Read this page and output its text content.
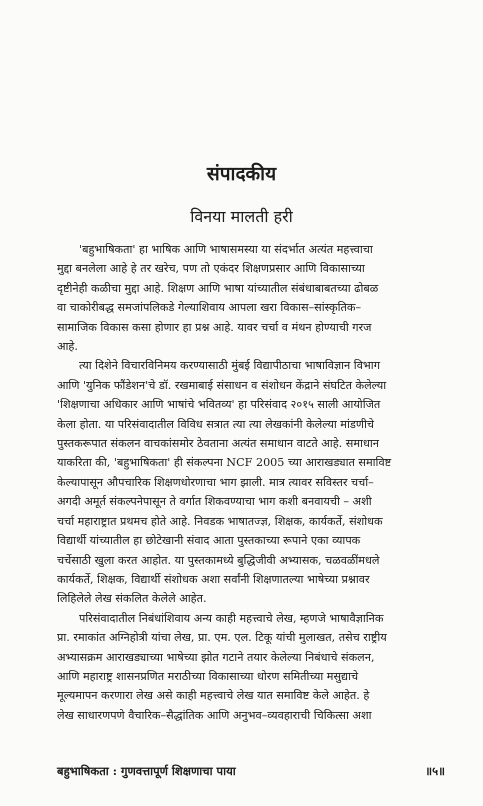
संपादकीय
विनया मालती हरी
'बहुभाषिकता' हा भाषिक आणि भाषासमस्या या संदर्भात अत्यंत महत्त्वाचा
मुद्दा बनलेला आहे हे तर खरेच, पण तो एकंदर शिक्षणप्रसार आणि विकासाच्या
दृष्टीनेही कळीचा मुद्दा आहे. शिक्षण आणि भाषा यांच्यातील संबंधाबाबतच्या ढोबळ
वा चाकोरीबद्ध समजांपलिकडे गेल्याशिवाय आपला खरा विकास–सांस्कृतिक–
सामाजिक विकास कसा होणार हा प्रश्न आहे. यावर चर्चा व मंथन होण्याची गरज
आहे.
त्या दिशेने विचारविनिमय करण्यासाठी मुंबई विद्यापीठाचा भाषाविज्ञान विभाग
आणि 'युनिक फौंडेशन'चे डॉ. रखमाबाई संसाधन व संशोधन केंद्राने संघटित केलेल्या
'शिक्षणाचा अधिकार आणि भाषांचे भवितव्य' हा परिसंवाद २०१५ साली आयोजित
केला होता. या परिसंवादातील विविध सत्रात त्या त्या लेखकांनी केलेल्या मांडणीचे
पुस्तकरूपात संकलन वाचकांसमोर ठेवताना अत्यंत समाधान वाटते आहे. समाधान
याकरिता की, 'बहुभाषिकता' ही संकल्पना NCF 2005 च्या आराखड्यात समाविष्ट
केल्यापासून औपचारिक शिक्षणधोरणाचा भाग झाली. मात्र त्यावर सविस्तर चर्चा–
अगदी अमूर्त संकल्पनेपासून ते वर्गात शिकवण्याचा भाग कशी बनवायची – अशी
चर्चा महाराष्ट्रात प्रथमच होते आहे. निवडक भाषातज्ज्ञ, शिक्षक, कार्यकर्ते, संशोधक
विद्यार्थी यांच्यातील हा छोटेखानी संवाद आता पुस्तकाच्या रूपाने एका व्यापक
चर्चेसाठी खुला करत आहोत. या पुस्तकामध्ये बुद्धिजीवी अभ्यासक, चळवळींमधले
कार्यकर्ते, शिक्षक, विद्यार्थी संशोधक अशा सर्वांनी शिक्षणातल्या भाषेच्या प्रश्नावर
लिहिलेले लेख संकलित केलेले आहेत.
परिसंवादातील निबंधांशिवाय अन्य काही महत्त्वाचे लेख, म्हणजे भाषावैज्ञानिक
प्रा. रमाकांत अग्निहोत्री यांचा लेख, प्रा. एम. एल. टिकू यांची मुलाखत, तसेच राष्ट्रीय
अभ्यासक्रम आराखड्याच्या भाषेच्या झोत गटाने तयार केलेल्या निबंधाचे संकलन,
आणि महाराष्ट्र शासनप्रणित मराठीच्या विकासाच्या धोरण समितीच्या मसुद्याचे
मूल्यमापन करणारा लेख असे काही महत्त्वाचे लेख यात समाविष्ट केले आहेत. हे
लेख साधारणपणे वैचारिक–सैद्धांतिक आणि अनुभव–व्यवहाराची चिकित्सा अशा
बहुभाषिकता : गुणवत्तापूर्ण शिक्षणाचा पाया	॥५॥
